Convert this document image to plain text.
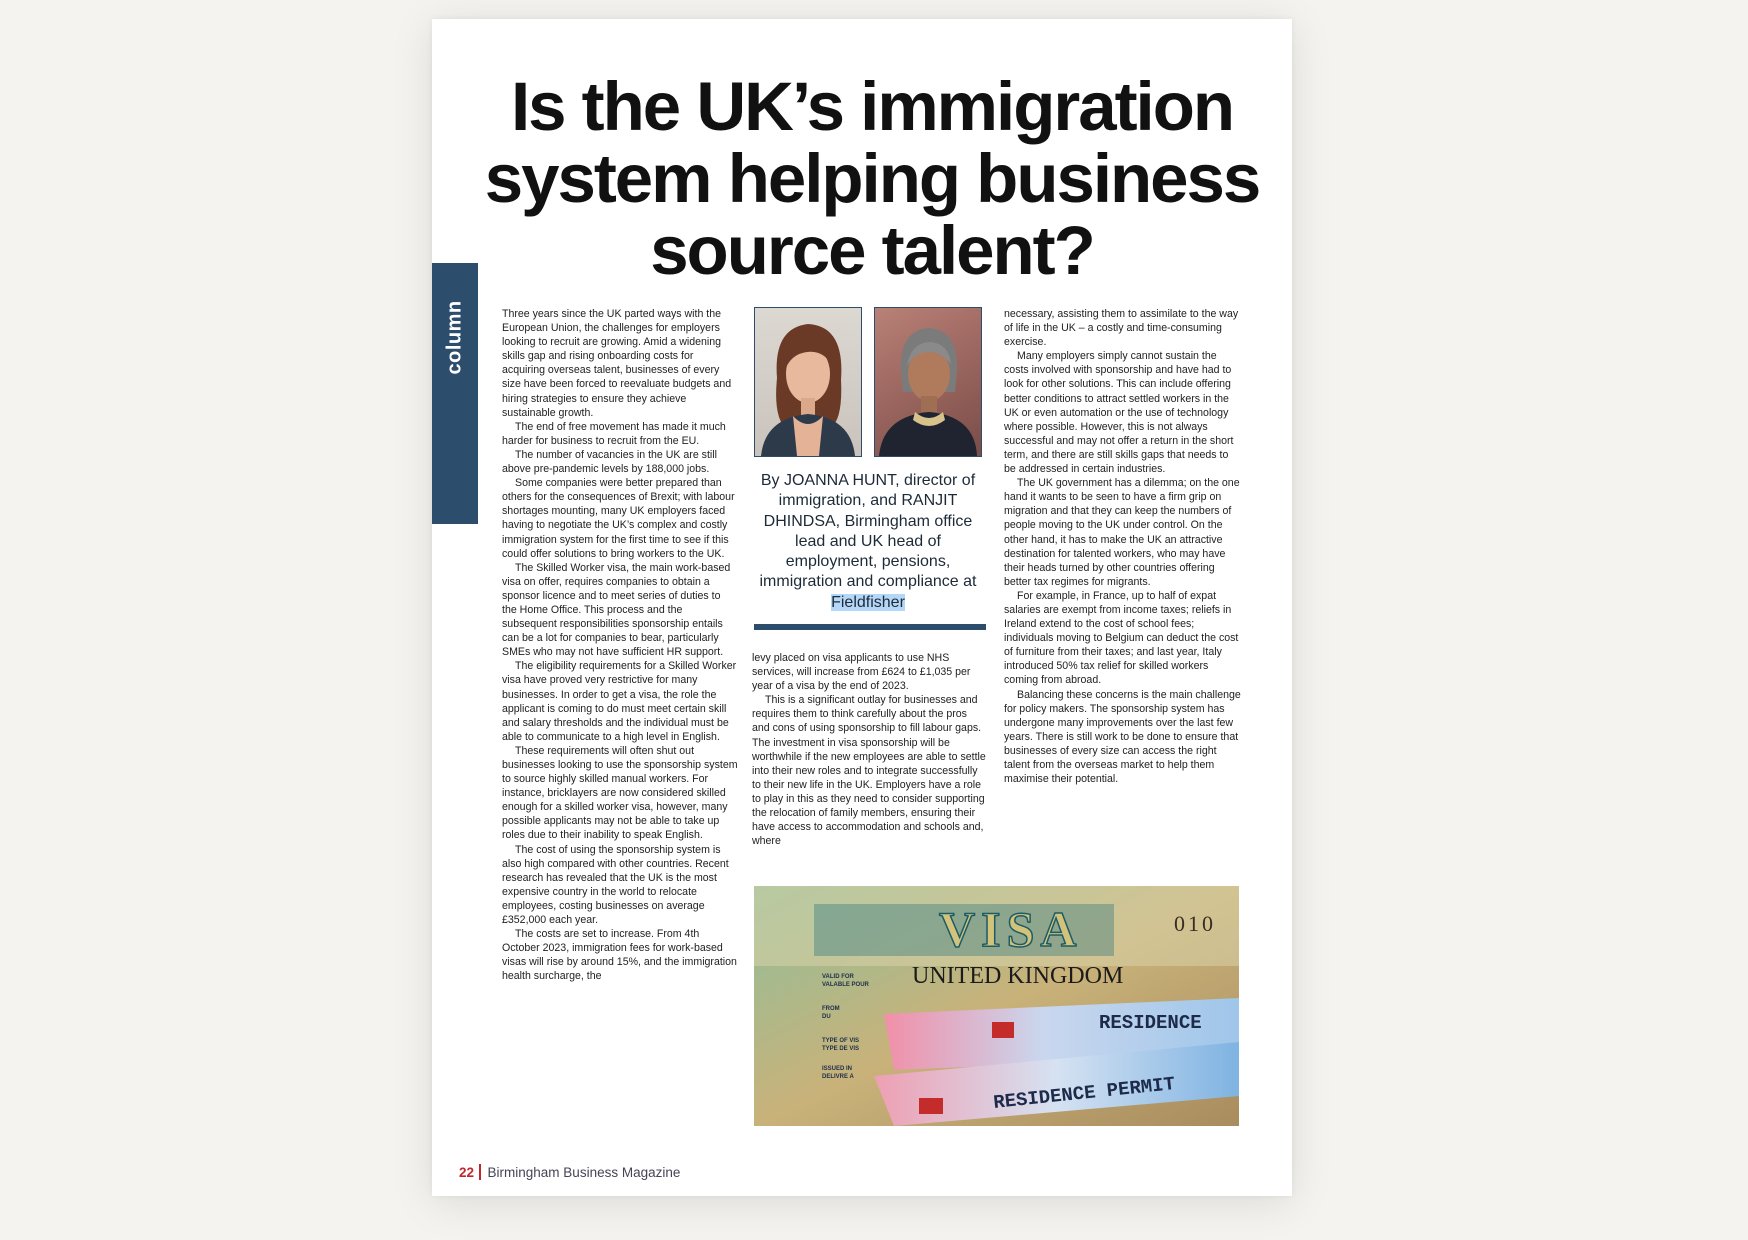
column
Is the UK’s immigration system helping business source talent?

Three years since the UK parted ways with the European Union, the challenges for employers looking to recruit are growing. Amid a widening skills gap and rising onboarding costs for acquiring overseas talent, businesses of every size have been forced to reevaluate budgets and hiring strategies to ensure they achieve sustainable growth.

The end of free movement has made it much harder for business to recruit from the EU.

The number of vacancies in the UK are still above pre-pandemic levels by 188,000 jobs.

Some companies were better prepared than others for the consequences of Brexit; with labour shortages mounting, many UK employers faced having to negotiate the UK’s complex and costly immigration system for the first time to see if this could offer solutions to bring workers to the UK.

The Skilled Worker visa, the main work-based visa on offer, requires companies to obtain a sponsor licence and to meet series of duties to the Home Office. This process and the subsequent responsibilities sponsorship entails can be a lot for companies to bear, particularly SMEs who may not have sufficient HR support.

The eligibility requirements for a Skilled Worker visa have proved very restrictive for many businesses. In order to get a visa, the role the applicant is coming to do must meet certain skill and salary thresholds and the individual must be able to communicate to a high level in English.

These requirements will often shut out businesses looking to use the sponsorship system to source highly skilled manual workers. For instance, bricklayers are now considered skilled enough for a skilled worker visa, however, many possible applicants may not be able to take up roles due to their inability to speak English.

The cost of using the sponsorship system is also high compared with other countries. Recent research has revealed that the UK is the most expensive country in the world to relocate employees, costing businesses on average £352,000 each year.

The costs are set to increase. From 4th October 2023, immigration fees for work-based visas will rise by around 15%, and the immigration health surcharge, the

By JOANNA HUNT, director of immigration, and RANJIT DHINDSA, Birmingham office lead and UK head of employment, pensions, immigration and compliance at Fieldfisher

levy placed on visa applicants to use NHS services, will increase from £624 to £1,035 per year of a visa by the end of 2023.

This is a significant outlay for businesses and requires them to think carefully about the pros and cons of using sponsorship to fill labour gaps. The investment in visa sponsorship will be worthwhile if the new employees are able to settle into their new roles and to integrate successfully to their new life in the UK. Employers have a role to play in this as they need to consider supporting the relocation of family members, ensuring their have access to accommodation and schools and, where

necessary, assisting them to assimilate to the way of life in the UK – a costly and time-consuming exercise.

Many employers simply cannot sustain the costs involved with sponsorship and have had to look for other solutions. This can include offering better conditions to attract settled workers in the UK or even automation or the use of technology where possible. However, this is not always successful and may not offer a return in the short term, and there are still skills gaps that needs to be addressed in certain industries.

The UK government has a dilemma; on the one hand it wants to be seen to have a firm grip on migration and that they can keep the numbers of people moving to the UK under control. On the other hand, it has to make the UK an attractive destination for talented workers, who may have their heads turned by other countries offering better tax regimes for migrants.

For example, in France, up to half of expat salaries are exempt from income taxes; reliefs in Ireland extend to the cost of school fees; individuals moving to Belgium can deduct the cost of furniture from their taxes; and last year, Italy introduced 50% tax relief for skilled workers coming from abroad.

Balancing these concerns is the main challenge for policy makers. The sponsorship system has undergone many improvements over the last few years. There is still work to be done to ensure that businesses of every size can access the right talent from the overseas market to help them maximise their potential.

VISA	010
UNITED KINGDOM
VALID FOR
VALABLE POUR
FROM
DU
TYPE OF VIS
TYPE DE VIS
ISSUED IN
DELIVRE A
RESIDENCE
RESIDENCE PERMIT
22 Birmingham Business Magazine
